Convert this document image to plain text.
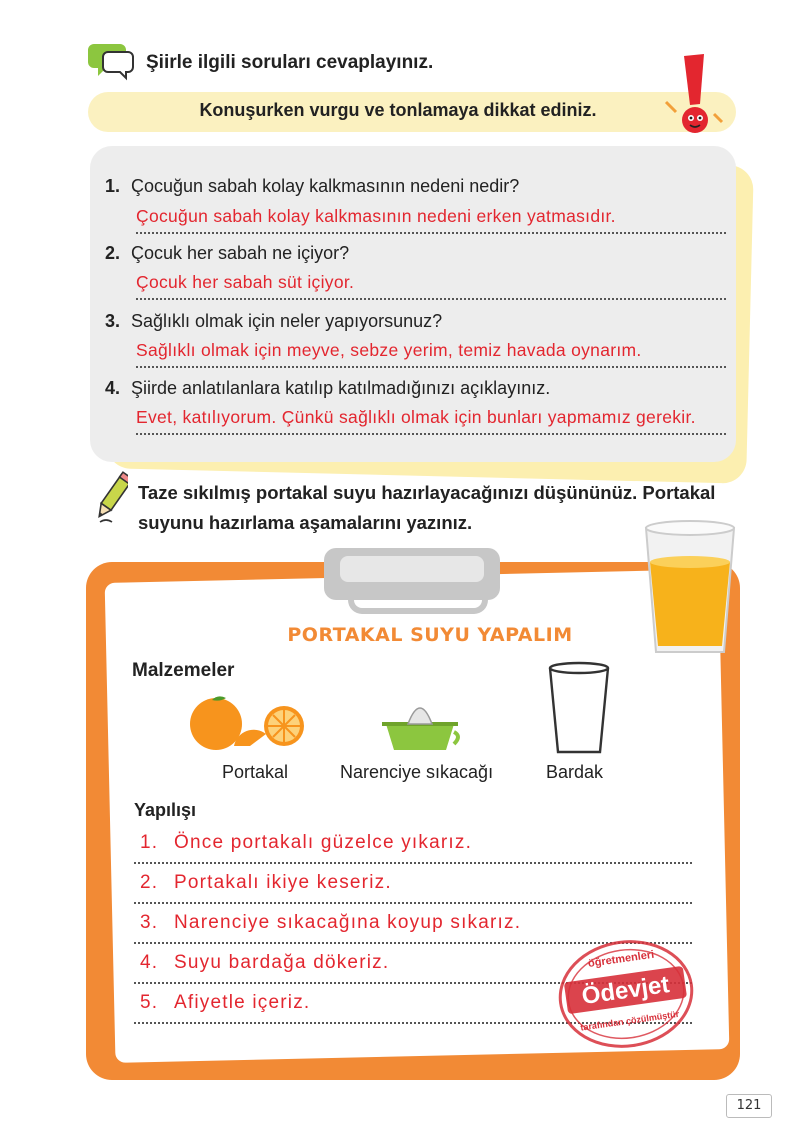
Şiirle ilgili soruları cevaplayınız.
Konuşurken vurgu ve tonlamaya dikkat ediniz.
1. Çocuğun sabah kolay kalkmasının nedeni nedir?
Çocuğun sabah kolay kalkmasının nedeni erken yatmasıdır.
2. Çocuk her sabah ne içiyor?
Çocuk her sabah süt içiyor.
3. Sağlıklı olmak için neler yapıyorsunuz?
Sağlıklı olmak için meyve, sebze yerim, temiz havada oynarım.
4. Şiirde anlatılanlara katılıp katılmadığınızı açıklayınız.
Evet, katılıyorum. Çünkü sağlıklı olmak için bunları yapmamız gerekir.
Taze sıkılmış portakal suyu hazırlayacağınızı düşününüz. Portakal suyunu hazırlama aşamalarını yazınız.
PORTAKAL SUYU YAPALIM
Malzemeler
Portakal	Narenciye sıkacağı	Bardak
Yapılışı
1. Önce portakalı güzelce yıkarız.
2. Portakalı ikiye keseriz.
3. Narenciye sıkacağına koyup sıkarız.
4. Suyu bardağa dökeriz.
5. Afiyetle içeriz.
öğretmenleri
Ödevjet
tarafından çözülmüştür
121
